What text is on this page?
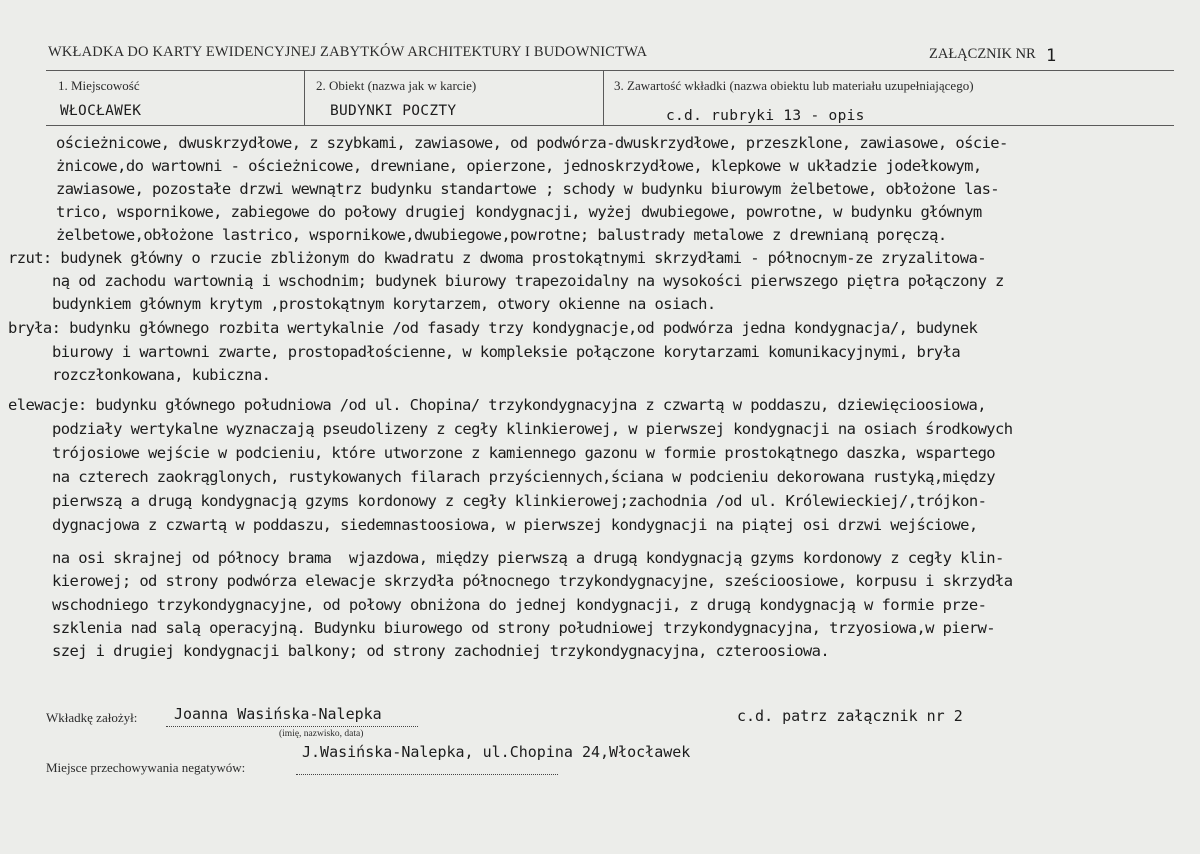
WKŁADKA DO KARTY EWIDENCYJNEJ ZABYTKÓW ARCHITEKTURY I BUDOWNICTWA	ZAŁĄCZNIK NR 1
1. Miejscowość
WŁOCŁAWEK
2. Obiekt (nazwa jak w karcie)
BUDYNKI POCZTY
3. Zawartość wkładki (nazwa obiektu lub materiału uzupełniającego)
c.d. rubryki 13 - opis
ościeżnicowe, dwuskrzydłowe, z szybkami, zawiasowe, od podwórza-dwuskrzydłowe, przeszklone, zawiasowe, oście-
żnicowe,do wartowni - ościeżnicowe, drewniane, opierzone, jednoskrzydłowe, klepkowe w układzie jodełkowym,
zawiasowe, pozostałe drzwi wewnątrz budynku standartowe ; schody w budynku biurowym żelbetowe, obłożone las-
trico, wspornikowe, zabiegowe do połowy drugiej kondygnacji, wyżej dwubiegowe, powrotne, w budynku głównym
żelbetowe,obłożone lastrico, wspornikowe,dwubiegowe,powrotne; balustrady metalowe z drewnianą poręczą.
rzut: budynek główny o rzucie zbliżonym do kwadratu z dwoma prostokątnymi skrzydłami - północnym-ze zryzalitowa-
ną od zachodu wartownią i wschodnim; budynek biurowy trapezoidalny na wysokości pierwszego piętra połączony z
budynkiem głównym krytym ,prostokątnym korytarzem, otwory okienne na osiach.
bryła: budynku głównego rozbita wertykalnie /od fasady trzy kondygnacje,od podwórza jedna kondygnacja/, budynek
biurowy i wartowni zwarte, prostopadłościenne, w kompleksie połączone korytarzami komunikacyjnymi, bryła
rozczłonkowana, kubiczna.
elewacje: budynku głównego południowa /od ul. Chopina/ trzykondygnacyjna z czwartą w poddaszu, dziewięcioosiowa,
podziały wertykalne wyznaczają pseudolizeny z cegły klinkierowej, w pierwszej kondygnacji na osiach środkowych
trójosiowe wejście w podcieniu, które utworzone z kamiennego gazonu w formie prostokątnego daszka, wspartego
na czterech zaokrąglonych, rustykowanych filarach przyściennych,ściana w podcieniu dekorowana rustyką,między
pierwszą a drugą kondygnacją gzyms kordonowy z cegły klinkierowej;zachodnia /od ul. Królewieckiej/,trójkon-
dygnacjowa z czwartą w poddaszu, siedemnastoosiowa, w pierwszej kondygnacji na piątej osi drzwi wejściowe,
na osi skrajnej od północy brama  wjazdowa, między pierwszą a drugą kondygnacją gzyms kordonowy z cegły klin-
kierowej; od strony podwórza elewacje skrzydła północnego trzykondygnacyjne, sześcioosiowe, korpusu i skrzydła
wschodniego trzykondygnacyjne, od połowy obniżona do jednej kondygnacji, z drugą kondygnacją w formie prze-
szklenia nad salą operacyjną. Budynku biurowego od strony południowej trzykondygnacyjna, trzyosiowa,w pierw-
szej i drugiej kondygnacji balkony; od strony zachodniej trzykondygnacyjna, czteroosiowa.
Wkładkę założył: Joanna Wasińska-Nalepka
(imię, nazwisko, data)
c.d. patrz załącznik nr 2
Miejsce przechowywania negatywów:
J.Wasińska-Nalepka, ul.Chopina 24,Włocławek
